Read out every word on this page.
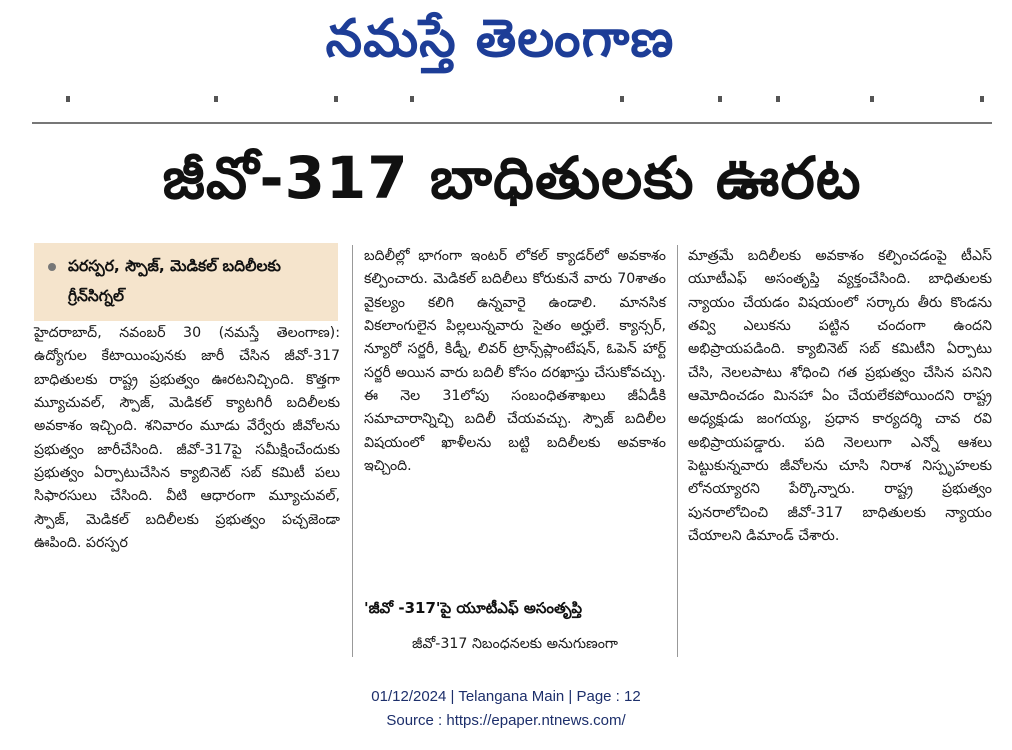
నమస్తే తెలంగాణ
జీవో-317 బాధితులకు ఊరట
పరస్పర, స్పౌజ్, మెడికల్ బదిలీలకు గ్రీన్‌సిగ్నల్
హైదరాబాద్, నవంబర్ 30 (నమస్తే తెలంగాణ): ఉద్యోగుల కేటాయింపునకు జారీ చేసిన జీవో-317 బాధితులకు రాష్ట్ర ప్రభుత్వం ఊరటనిచ్చింది. కొత్తగా మ్యూచువల్, స్పౌజ్, మెడికల్ క్యాటగిరీ బదిలీలకు అవకాశం ఇచ్చింది. శనివారం మూడు వేర్వేరు జీవోలను ప్రభుత్వం జారీచేసింది. జీవో-317పై సమీక్షించేందుకు ప్రభుత్వం ఏర్పాటుచేసిన క్యాబినెట్ సబ్ కమిటీ పలు సిఫారసులు చేసింది. వీటి ఆధారంగా మ్యూచువల్, స్పౌజ్, మెడికల్ బదిలీలకు ప్రభుత్వం పచ్చజెండా ఊపింది. పరస్పర
బదిలీల్లో భాగంగా ఇంటర్ లోకల్ క్యాడర్‌లో అవకాశం కల్పించారు. మెడికల్ బదిలీలు కోరుకునే వారు 70శాతం వైకల్యం కలిగి ఉన్నవారై ఉండాలి. మానసిక వికలాంగులైన పిల్లలున్నవారు సైతం అర్హులే. క్యాన్సర్, న్యూరో సర్జరీ, కిడ్నీ, లివర్ ట్రాన్స్‌ప్లాంటేషన్, ఓపెన్ హార్ట్ సర్జరీ అయిన వారు బదిలీ కోసం దరఖాస్తు చేసుకోవచ్చు. ఈ నెల 31లోపు సంబంధితశాఖలు జీఏడీకి సమాచారాన్నిచ్చి బదిలీ చేయవచ్చు. స్పౌజ్ బదిలీల విషయంలో ఖాళీలను బట్టి బదిలీలకు అవకాశం ఇచ్చింది.
'జీవో -317'పై యూటీఎఫ్ అసంతృప్తి
జీవో-317 నిబంధనలకు అనుగుణంగా
మాత్రమే బదిలీలకు అవకాశం కల్పించడంపై టీఎస్ యూటీఎఫ్ అసంతృప్తి వ్యక్తంచేసింది. బాధితులకు న్యాయం చేయడం విషయంలో సర్కారు తీరు కొండను తవ్వి ఎలుకను పట్టిన చందంగా ఉందని అభిప్రాయపడింది. క్యాబినెట్ సబ్ కమిటీని ఏర్పాటు చేసి, నెలలపాటు శోధించి గత ప్రభుత్వం చేసిన పనిని ఆమోదించడం మినహా ఏం చేయలేకపోయిందని రాష్ట్ర అధ్యక్షుడు జంగయ్య, ప్రధాన కార్యదర్శి చావ రవి అభిప్రాయపడ్డారు. పది నెలలుగా ఎన్నో ఆశలు పెట్టుకున్నవారు జీవోలను చూసి నిరాశ నిస్పృహలకు లోనయ్యారని పేర్కొన్నారు. రాష్ట్ర ప్రభుత్వం పునరాలోచించి జీవో-317 బాధితులకు న్యాయం చేయాలని డిమాండ్ చేశారు.
01/12/2024 | Telangana Main | Page : 12
Source : https://epaper.ntnews.com/
